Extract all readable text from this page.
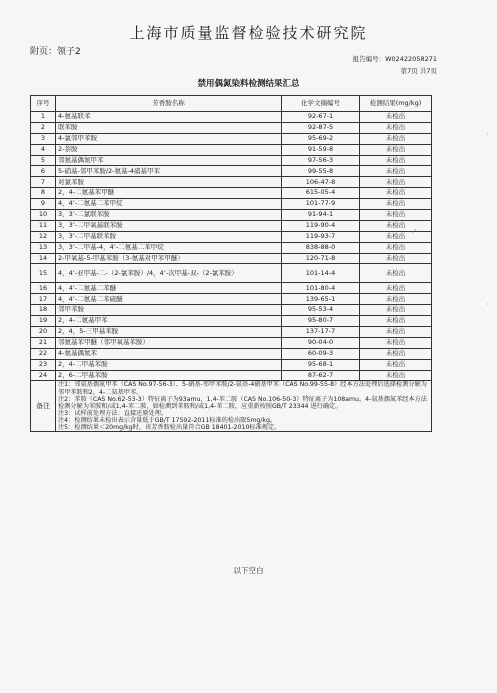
上海市质量监督检验技术研究院
附页：领子2
报告编号：W02422058271
第7页 共7页
禁用偶氮染料检测结果汇总
序号	芳香胺名称	化学文摘编号	检测结果(mg/kg)
1	4-氨基联苯	92-67-1	未检出
2	联苯胺	92-87-5	未检出
3	4-氯邻甲苯胺	95-69-2	未检出
4	2-萘胺	91-59-8	未检出
5	邻氨基偶氮甲苯	97-56-3	未检出
6	5-硝基-邻甲苯胺/2-氨基-4硝基甲苯	99-55-8	未检出
7	对氯苯胺	106-47-8	未检出
8	2，4-二氨基苯甲醚	615-05-4	未检出
9	4，4’-二氨基二苯甲烷	101-77-9	未检出
10	3，3’-二氯联苯胺	91-94-1	未检出
11	3，3’-二甲氧基联苯胺	119-90-4	未检出
12	3，3’-二甲基联苯胺	119-93-7	未检出
13	3，3’-二甲基-4，4’-二氨基二苯甲烷	838-88-0	未检出
14	2-甲氧基-5-甲基苯胺（3-氨基对甲苯甲醚）	120-71-8	未检出
15	4，4’-亚甲基-二-（2-氯苯胺）/4，4’-次甲基-双-（2-氯苯胺）	101-14-4	未检出
16	4，4’-二氨基二苯醚	101-80-4	未检出
17	4，4’-二氨基二苯硫醚	139-65-1	未检出
18	邻甲苯胺	95-53-4	未检出
19	2，4-二氨基甲苯	95-80-7	未检出
20	2，4，5-三甲基苯胺	137-17-7	未检出
21	邻氨基苯甲醚（邻甲氧基苯胺）	90-04-0	未检出
22	4-氨基偶氮苯	60-09-3	未检出
23	2，4-二甲基苯胺	95-68-1	未检出
24	2，6-二甲基苯胺	87-62-7	未检出
备注	注1：邻氨基偶氮甲苯（CAS No.97-56-3）、5-硝基-邻甲苯胺/2-氨基-4硝基甲苯（CAS No.99-55-8）经本方法处理后选择检测分解为邻甲苯胺和2，4-二氨基甲苯。
注2：苯胺（CAS No.62-53-3）特征离子为93amu，1,4-苯二胺（CAS No.106-50-3）特征离子为108amu。4-氨基偶氮苯经本方法检测分解为苯胺和/或1,4-苯二胺，如检测到苯胺和/或1,4-苯二胺，应重新按照GB/T 23344 进行确定。
注3：试样前处理方法：直接还原处理。
注4：检测结果未检出表示含量低于GB/T 17592-2011标准的检出限5mg/kg。
注5：检测结果＜20mg/kg时，该芳香胺检出量符合GB 18401-2010标准规定。		
以下空白
,
,
·
·
